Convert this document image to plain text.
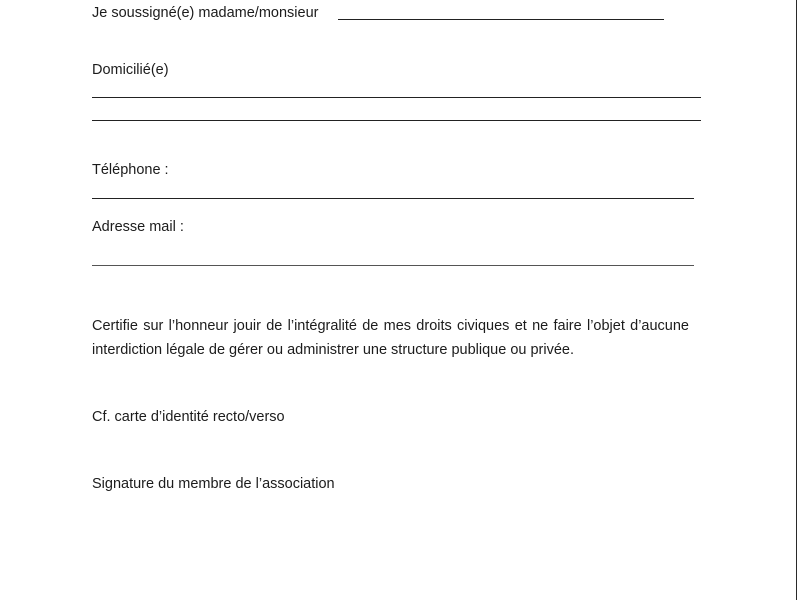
Je soussigné(e) madame/monsieur

Domicilié(e)

Téléphone :

Adresse mail :

Certifie sur l’honneur jouir de l’intégralité de mes droits civiques et ne faire l’objet d’aucune interdiction légale de gérer ou administrer une structure publique ou privée.

Cf. carte d’identité recto/verso

Signature du membre de l’association
